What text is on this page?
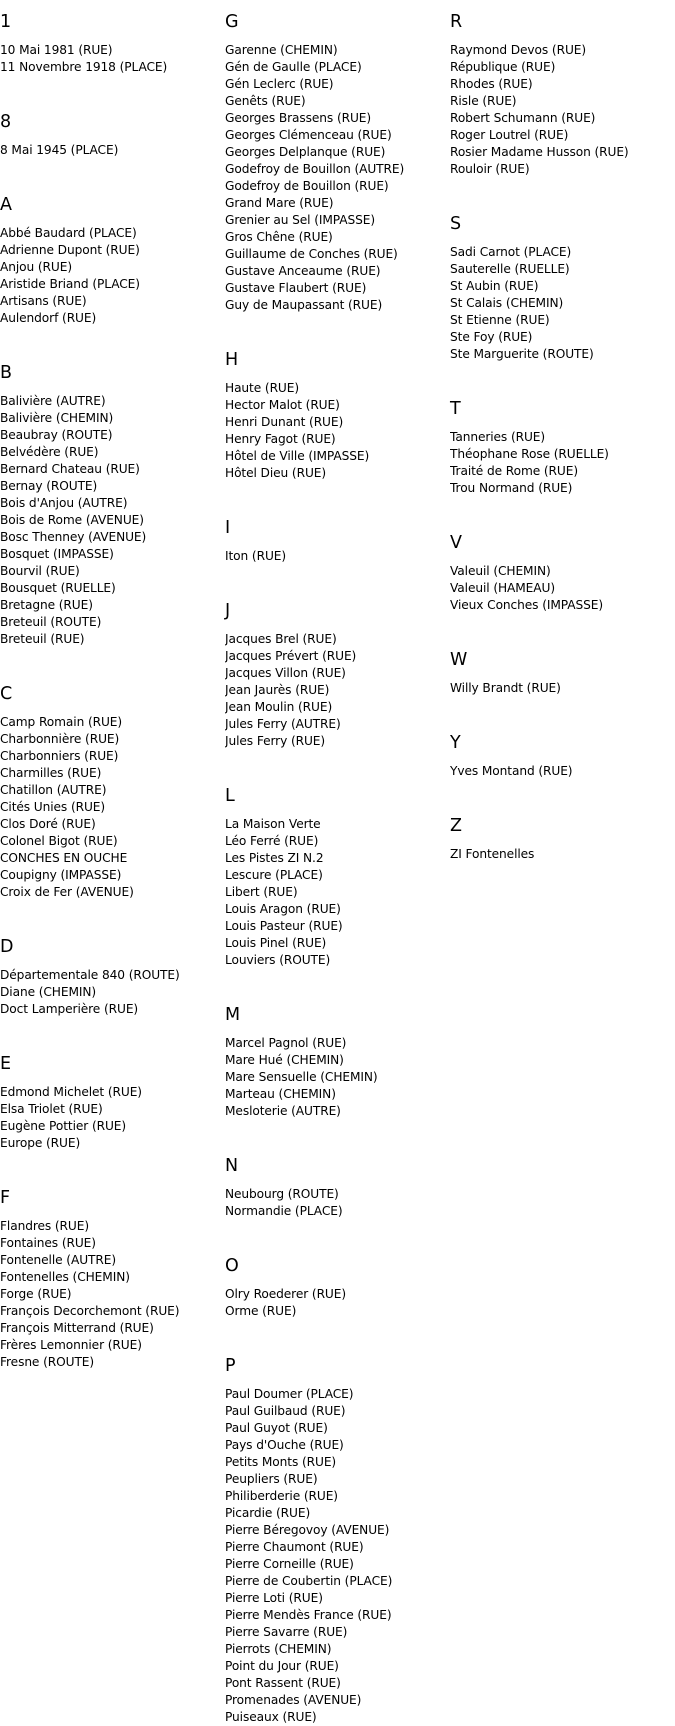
1
10 Mai 1981 (RUE)
11 Novembre 1918 (PLACE)
8
8 Mai 1945 (PLACE)
A
Abbé Baudard (PLACE)
Adrienne Dupont (RUE)
Anjou (RUE)
Aristide Briand (PLACE)
Artisans (RUE)
Aulendorf (RUE)
B
Balivière (AUTRE)
Balivière (CHEMIN)
Beaubray (ROUTE)
Belvédère (RUE)
Bernard Chateau (RUE)
Bernay (ROUTE)
Bois d'Anjou (AUTRE)
Bois de Rome (AVENUE)
Bosc Thenney (AVENUE)
Bosquet (IMPASSE)
Bourvil (RUE)
Bousquet (RUELLE)
Bretagne (RUE)
Breteuil (ROUTE)
Breteuil (RUE)
C
Camp Romain (RUE)
Charbonnière (RUE)
Charbonniers (RUE)
Charmilles (RUE)
Chatillon (AUTRE)
Cités Unies (RUE)
Clos Doré (RUE)
Colonel Bigot (RUE)
CONCHES EN OUCHE
Coupigny (IMPASSE)
Croix de Fer (AVENUE)
D
Départementale 840 (ROUTE)
Diane (CHEMIN)
Doct Lamperière (RUE)
E
Edmond Michelet (RUE)
Elsa Triolet (RUE)
Eugène Pottier (RUE)
Europe (RUE)
F
Flandres (RUE)
Fontaines (RUE)
Fontenelle (AUTRE)
Fontenelles (CHEMIN)
Forge (RUE)
François Decorchemont (RUE)
François Mitterrand (RUE)
Frères Lemonnier (RUE)
Fresne (ROUTE)
G
Garenne (CHEMIN)
Gén de Gaulle (PLACE)
Gén Leclerc (RUE)
Genêts (RUE)
Georges Brassens (RUE)
Georges Clémenceau (RUE)
Georges Delplanque (RUE)
Godefroy de Bouillon (AUTRE)
Godefroy de Bouillon (RUE)
Grand Mare (RUE)
Grenier au Sel (IMPASSE)
Gros Chêne (RUE)
Guillaume de Conches (RUE)
Gustave Anceaume (RUE)
Gustave Flaubert (RUE)
Guy de Maupassant (RUE)
H
Haute (RUE)
Hector Malot (RUE)
Henri Dunant (RUE)
Henry Fagot (RUE)
Hôtel de Ville (IMPASSE)
Hôtel Dieu (RUE)
I
Iton (RUE)
J
Jacques Brel (RUE)
Jacques Prévert (RUE)
Jacques Villon (RUE)
Jean Jaurès (RUE)
Jean Moulin (RUE)
Jules Ferry (AUTRE)
Jules Ferry (RUE)
L
La Maison Verte
Léo Ferré (RUE)
Les Pistes ZI N.2
Lescure (PLACE)
Libert (RUE)
Louis Aragon (RUE)
Louis Pasteur (RUE)
Louis Pinel (RUE)
Louviers (ROUTE)
M
Marcel Pagnol (RUE)
Mare Hué (CHEMIN)
Mare Sensuelle (CHEMIN)
Marteau (CHEMIN)
Mesloterie (AUTRE)
N
Neubourg (ROUTE)
Normandie (PLACE)
O
Olry Roederer (RUE)
Orme (RUE)
P
Paul Doumer (PLACE)
Paul Guilbaud (RUE)
Paul Guyot (RUE)
Pays d'Ouche (RUE)
Petits Monts (RUE)
Peupliers (RUE)
Philiberderie (RUE)
Picardie (RUE)
Pierre Béregovoy (AVENUE)
Pierre Chaumont (RUE)
Pierre Corneille (RUE)
Pierre de Coubertin (PLACE)
Pierre Loti (RUE)
Pierre Mendès France (RUE)
Pierre Savarre (RUE)
Pierrots (CHEMIN)
Point du Jour (RUE)
Pont Rassent (RUE)
Promenades (AVENUE)
Puiseaux (RUE)
R
Raymond Devos (RUE)
République (RUE)
Rhodes (RUE)
Risle (RUE)
Robert Schumann (RUE)
Roger Loutrel (RUE)
Rosier Madame Husson (RUE)
Rouloir (RUE)
S
Sadi Carnot (PLACE)
Sauterelle (RUELLE)
St Aubin (RUE)
St Calais (CHEMIN)
St Etienne (RUE)
Ste Foy (RUE)
Ste Marguerite (ROUTE)
T
Tanneries (RUE)
Théophane Rose (RUELLE)
Traité de Rome (RUE)
Trou Normand (RUE)
V
Valeuil (CHEMIN)
Valeuil (HAMEAU)
Vieux Conches (IMPASSE)
W
Willy Brandt (RUE)
Y
Yves Montand (RUE)
Z
ZI Fontenelles
